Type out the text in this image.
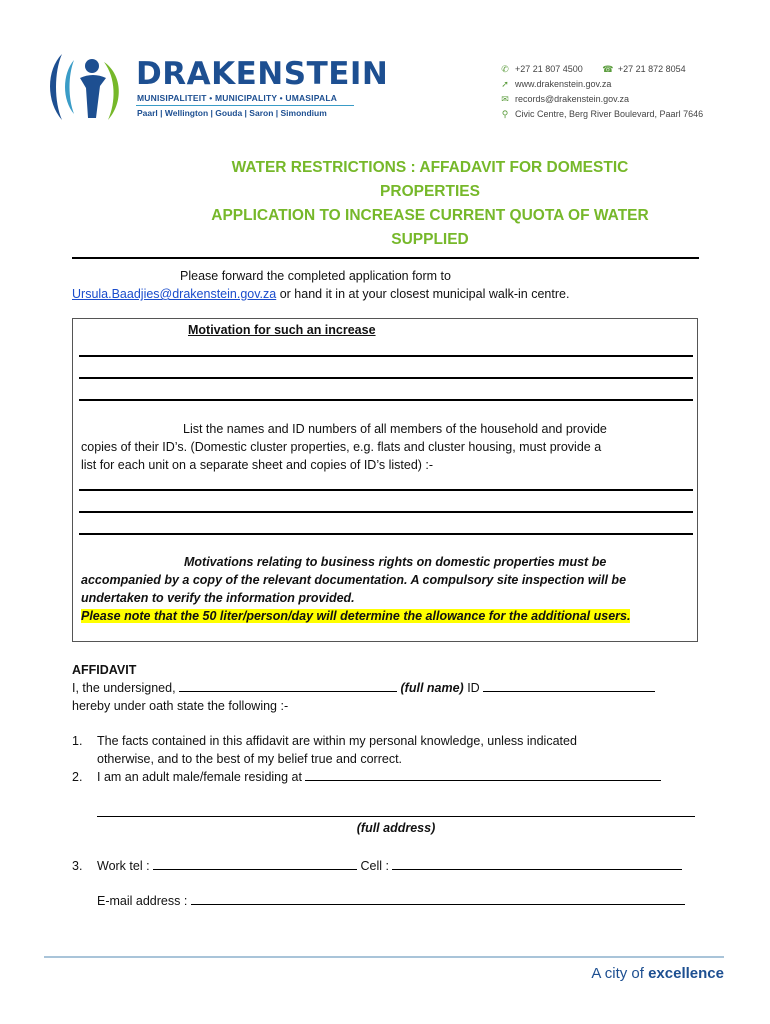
DRAKENSTEIN
MUNISIPALITEIT • MUNICIPALITY • UMASIPALA
Paarl | Wellington | Gouda | Saron | Simondium
✆ +27 21 807 4500 ☎ +27 21 872 8054
➚ www.drakenstein.gov.za
✉ records@drakenstein.gov.za
⚲ Civic Centre, Berg River Boulevard, Paarl 7646
WATER RESTRICTIONS : AFFADAVIT FOR DOMESTIC
PROPERTIES
APPLICATION TO INCREASE CURRENT QUOTA OF WATER
SUPPLIED
Please forward the completed application form to
Ursula.Baadjies@drakenstein.gov.za or hand it in at your closest municipal walk-in centre.
Motivation for such an increase
List the names and ID numbers of all members of the household and provide
copies of their ID’s. (Domestic cluster properties, e.g. flats and cluster housing, must provide a
list for each unit on a separate sheet and copies of ID’s listed) :-
Motivations relating to business rights on domestic properties must be
accompanied by a copy of the relevant documentation. A compulsory site inspection will be
undertaken to verify the information provided.
Please note that the 50 liter/person/day will determine the allowance for the additional users.
AFFIDAVIT
I, the undersigned,	(full name) ID
hereby under oath state the following :-
1. The facts contained in this affidavit are within my personal knowledge, unless indicated
otherwise, and to the best of my belief true and correct.
2. I am an adult male/female residing at
(full address)
3. Work tel :	Cell :
E-mail address :
A city of excellence
